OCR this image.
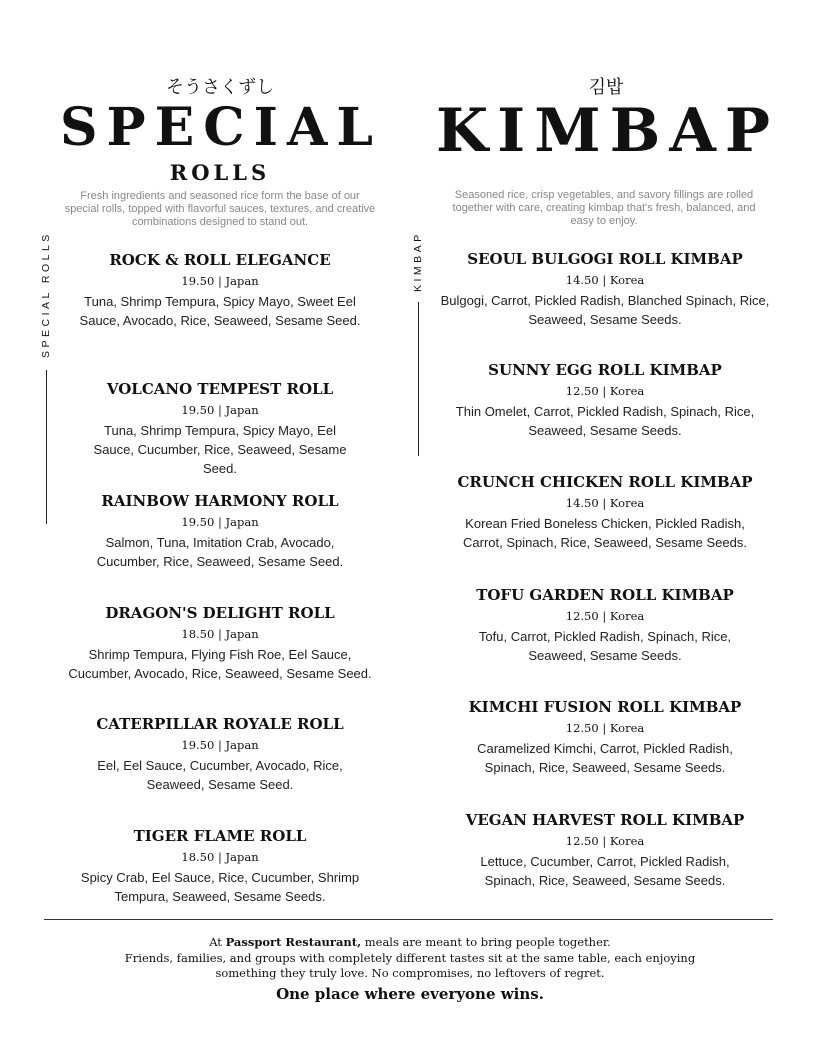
そうさくずし
SPECIAL
ROLLS
Fresh ingredients and seasoned rice form the base of our special rolls, topped with flavorful sauces, textures, and creative combinations designed to stand out.
SPECIAL ROLLS	ROCK & ROLL ELEGANCE
19.50 | Japan
Tuna, Shrimp Tempura, Spicy Mayo, Sweet Eel Sauce, Avocado, Rice, Seaweed, Sesame Seed.
VOLCANO TEMPEST ROLL
19.50 | Japan
Tuna, Shrimp Tempura, Spicy Mayo, Eel Sauce, Cucumber, Rice, Seaweed, Sesame Seed.
RAINBOW HARMONY ROLL
19.50 | Japan
Salmon, Tuna, Imitation Crab, Avocado, Cucumber, Rice, Seaweed, Sesame Seed.
DRAGON'S DELIGHT ROLL
18.50 | Japan
Shrimp Tempura, Flying Fish Roe, Eel Sauce, Cucumber, Avocado, Rice, Seaweed, Sesame Seed.
CATERPILLAR ROYALE ROLL
19.50 | Japan
Eel, Eel Sauce, Cucumber, Avocado, Rice, Seaweed, Sesame Seed.
TIGER FLAME ROLL
18.50 | Japan
Spicy Crab, Eel Sauce, Rice, Cucumber, Shrimp Tempura, Seaweed, Sesame Seeds.
김밥
KIMBAP
Seasoned rice, crisp vegetables, and savory fillings are rolled together with care, creating kimbap that's fresh, balanced, and easy to enjoy.
KIMBAP	SEOUL BULGOGI ROLL KIMBAP
14.50 | Korea
Bulgogi, Carrot, Pickled Radish, Blanched Spinach, Rice, Seaweed, Sesame Seeds.
SUNNY EGG ROLL KIMBAP
12.50 | Korea
Thin Omelet, Carrot, Pickled Radish, Spinach, Rice, Seaweed, Sesame Seeds.
CRUNCH CHICKEN ROLL KIMBAP
14.50 | Korea
Korean Fried Boneless Chicken, Pickled Radish, Carrot, Spinach, Rice, Seaweed, Sesame Seeds.
TOFU GARDEN ROLL KIMBAP
12.50 | Korea
Tofu, Carrot, Pickled Radish, Spinach, Rice, Seaweed, Sesame Seeds.
KIMCHI FUSION ROLL KIMBAP
12.50 | Korea
Caramelized Kimchi, Carrot, Pickled Radish, Spinach, Rice, Seaweed, Sesame Seeds.
VEGAN HARVEST ROLL KIMBAP
12.50 | Korea
Lettuce, Cucumber, Carrot, Pickled Radish, Spinach, Rice, Seaweed, Sesame Seeds.
At Passport Restaurant, meals are meant to bring people together.
Friends, families, and groups with completely different tastes sit at the same table, each enjoying
something they truly love. No compromises, no leftovers of regret.
One place where everyone wins.
